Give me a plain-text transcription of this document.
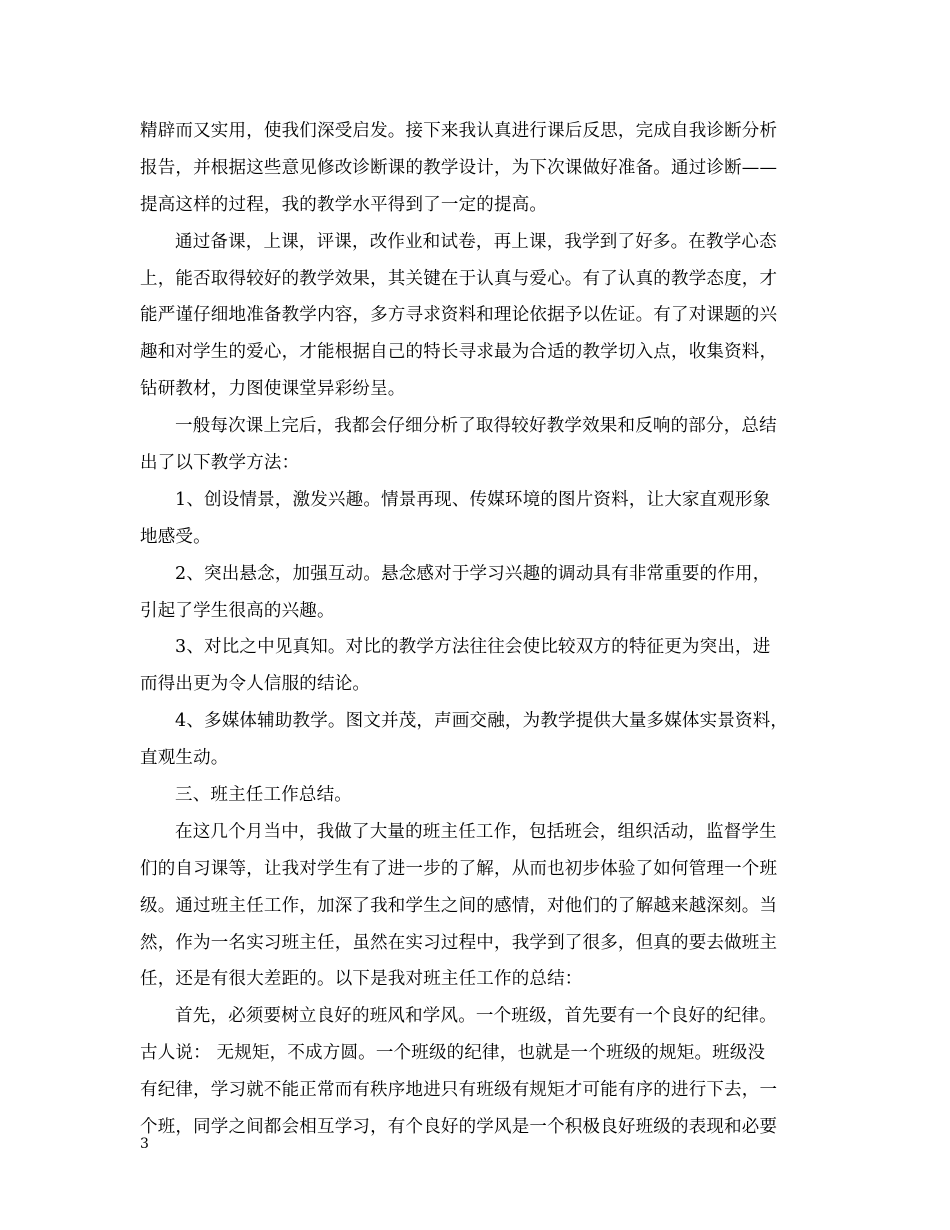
精辟而又实用，使我们深受启发。接下来我认真进行课后反思，完成自我诊断分析
报告，并根据这些意见修改诊断课的教学设计，为下次课做好准备。通过诊断——
提高这样的过程，我的教学水平得到了一定的提高。
通过备课，上课，评课，改作业和试卷，再上课，我学到了好多。在教学心态
上，能否取得较好的教学效果，其关键在于认真与爱心。有了认真的教学态度，才
能严谨仔细地准备教学内容，多方寻求资料和理论依据予以佐证。有了对课题的兴
趣和对学生的爱心，才能根据自己的特长寻求最为合适的教学切入点，收集资料，
钻研教材，力图使课堂异彩纷呈。
一般每次课上完后，我都会仔细分析了取得较好教学效果和反响的部分，总结
出了以下教学方法：
1、创设情景，激发兴趣。情景再现、传媒环境的图片资料，让大家直观形象
地感受。
2、突出悬念，加强互动。悬念感对于学习兴趣的调动具有非常重要的作用，
引起了学生很高的兴趣。
3、对比之中见真知。对比的教学方法往往会使比较双方的特征更为突出，进
而得出更为令人信服的结论。
4、多媒体辅助教学。图文并茂，声画交融，为教学提供大量多媒体实景资料，
直观生动。
三、班主任工作总结。
在这几个月当中，我做了大量的班主任工作，包括班会，组织活动，监督学生
们的自习课等，让我对学生有了进一步的了解，从而也初步体验了如何管理一个班
级。通过班主任工作，加深了我和学生之间的感情，对他们的了解越来越深刻。当
然，作为一名实习班主任，虽然在实习过程中，我学到了很多，但真的要去做班主
任，还是有很大差距的。以下是我对班主任工作的总结：
首先，必须要树立良好的班风和学风。一个班级，首先要有一个良好的纪律。
古人说： 无规矩，不成方圆。一个班级的纪律，也就是一个班级的规矩。班级没
有纪律，学习就不能正常而有秩序地进只有班级有规矩才可能有序的进行下去，一
个班，同学之间都会相互学习，有个良好的学风是一个积极良好班级的表现和必要
3
